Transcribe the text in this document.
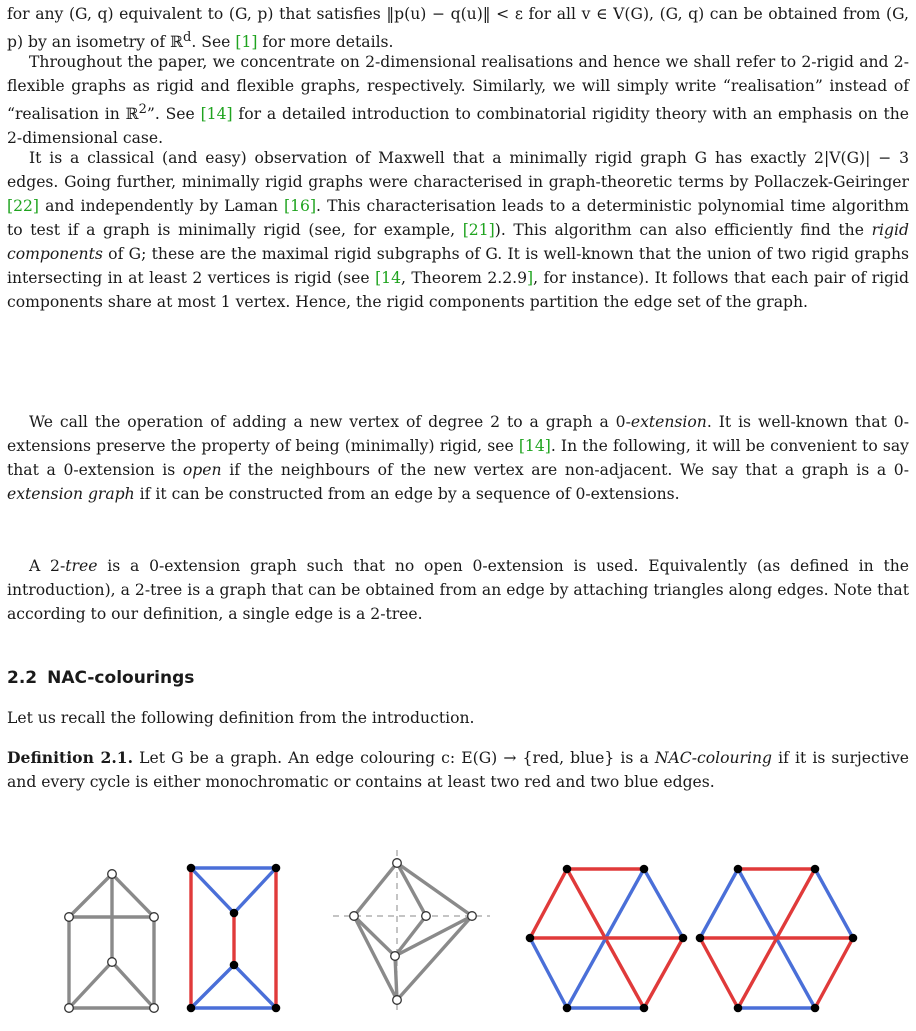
for any (G, q) equivalent to (G, p) that satisfies ‖p(u) − q(u)‖ < ε for all v ∈ V(G), (G, q) can be obtained from (G, p) by an isometry of ℝ$^d$. See [1] for more details.
Throughout the paper, we concentrate on 2-dimensional realisations and hence we shall refer to 2-rigid and 2-flexible graphs as rigid and flexible graphs, respectively. Similarly, we will simply write “realisation” instead of “realisation in ℝ$^2$”. See [14] for a detailed introduction to combinatorial rigidity theory with an emphasis on the 2-dimensional case.
It is a classical (and easy) observation of Maxwell that a minimally rigid graph G has exactly 2|V(G)| − 3 edges. Going further, minimally rigid graphs were characterised in graph-theoretic terms by Pollaczek-Geiringer [22] and independently by Laman [16]. This characterisation leads to a deterministic polynomial time algorithm to test if a graph is minimally rigid (see, for example, [21]). This algorithm can also efficiently find the rigid components of G; these are the maximal rigid subgraphs of G. It is well-known that the union of two rigid graphs intersecting in at least 2 vertices is rigid (see [14, Theorem 2.2.9], for instance). It follows that each pair of rigid components share at most 1 vertex. Hence, the rigid components partition the edge set of the graph.
We call the operation of adding a new vertex of degree 2 to a graph a 0-extension. It is well-known that 0-extensions preserve the property of being (minimally) rigid, see [14]. In the following, it will be convenient to say that a 0-extension is open if the neighbours of the new vertex are non-adjacent. We say that a graph is a 0-extension graph if it can be constructed from an edge by a sequence of 0-extensions.
A 2-tree is a 0-extension graph such that no open 0-extension is used. Equivalently (as defined in the introduction), a 2-tree is a graph that can be obtained from an edge by attaching triangles along edges. Note that according to our definition, a single edge is a 2-tree.
2.2 NAC-colourings
Let us recall the following definition from the introduction.
Definition 2.1. Let G be a graph. An edge colouring c: E(G) → {red, blue} is a NAC-colouring if it is surjective and every cycle is either monochromatic or contains at least two red and two blue edges.
